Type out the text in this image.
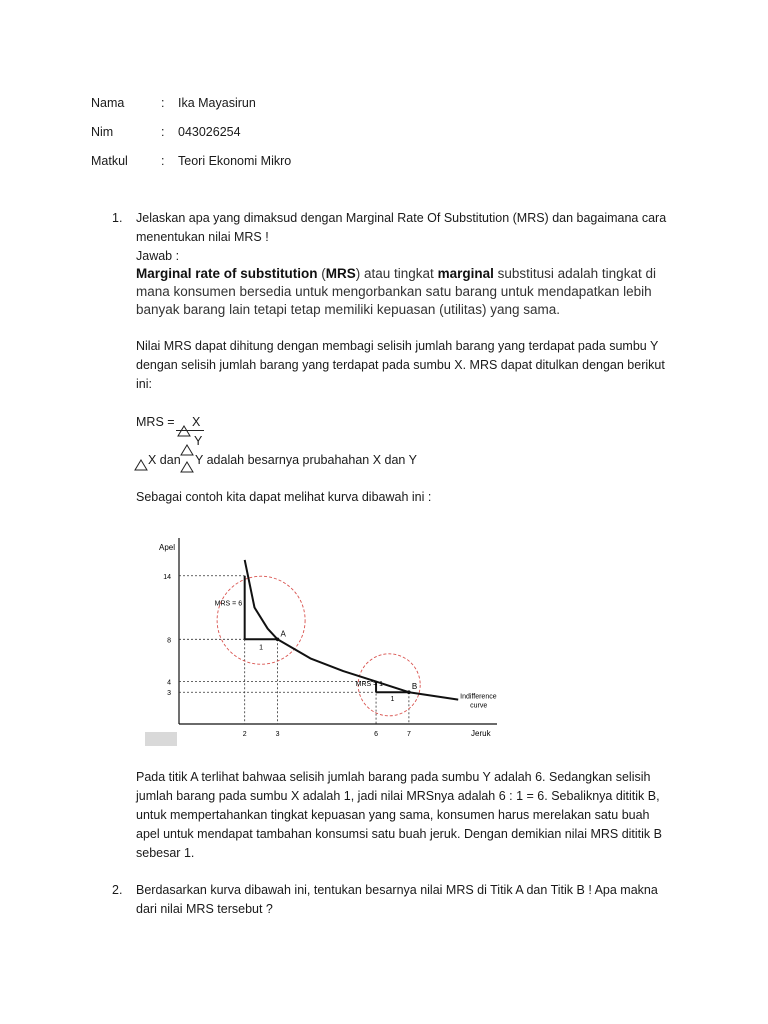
Nama	: Ika Mayasirun
Nim	: 043026254
Matkul	: Teori Ekonomi Mikro
1. Jelaskan apa yang dimaksud dengan Marginal Rate Of Substitution (MRS) dan bagaimana cara
menentukan nilai MRS !
Jawab :
Marginal rate of substitution (MRS) atau tingkat marginal substitusi adalah tingkat di
mana konsumen bersedia untuk mengorbankan satu barang untuk mendapatkan lebih
banyak barang lain tetapi tetap memiliki kepuasan (utilitas) yang sama.
Nilai MRS dapat dihitung dengan membagi selisih jumlah barang yang terdapat pada sumbu Y
dengan selisih jumlah barang yang terdapat pada sumbu X. MRS dapat ditulkan dengan berikut
ini:
MRS = X
Y
X dan Y adalah besarnya prubahahan X dan Y
Sebagai contoh kita dapat melihat kurva dibawah ini :
Apel
Jeruk
14
8
4
3
2	3	6	7
A
B
MRS = 6
MRS = 1
1
1	Indifference
curve
Pada titik A terlihat bahwaa selisih jumlah barang pada sumbu Y adalah 6. Sedangkan selisih
jumlah barang pada sumbu X adalah 1, jadi nilai MRSnya adalah 6 : 1 = 6. Sebaliknya dititik B,
untuk mempertahankan tingkat kepuasan yang sama, konsumen harus merelakan satu buah
apel untuk mendapat tambahan konsumsi satu buah jeruk. Dengan demikian nilai MRS dititik B
sebesar 1.
2. Berdasarkan kurva dibawah ini, tentukan besarnya nilai MRS di Titik A dan Titik B ! Apa makna
dari nilai MRS tersebut ?
